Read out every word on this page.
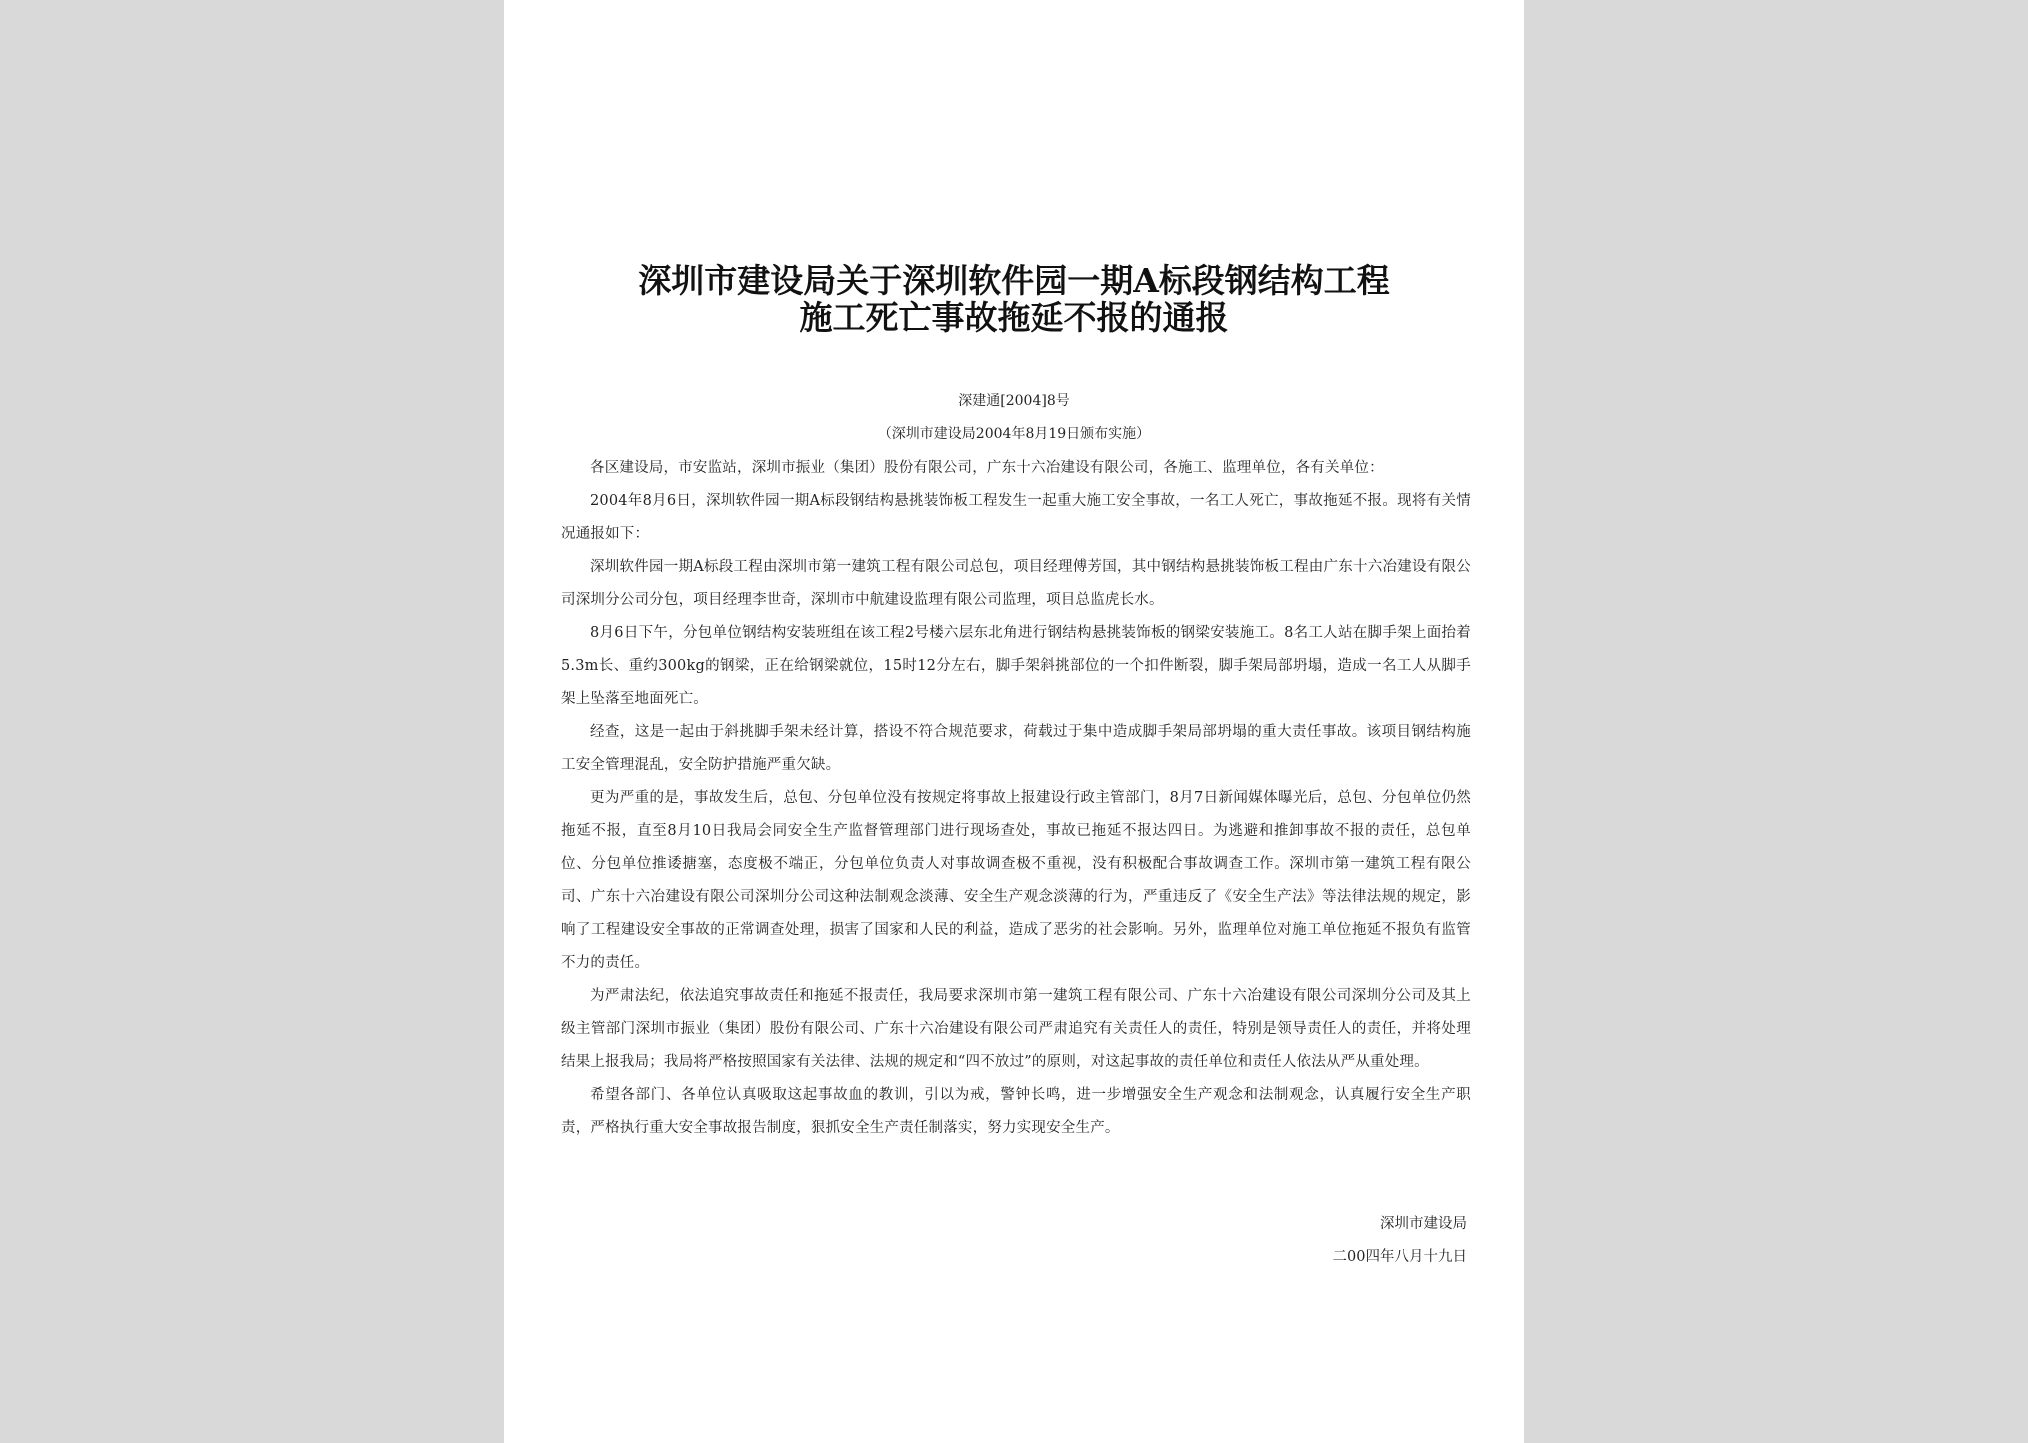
深圳市建设局关于深圳软件园一期A标段钢结构工程
施工死亡事故拖延不报的通报
深建通[2004]8号
（深圳市建设局2004年8月19日颁布实施）

各区建设局，市安监站，深圳市振业（集团）股份有限公司，广东十六冶建设有限公司，各施工、监理单位，各有关单位：

2004年8月6日，深圳软件园一期A标段钢结构悬挑装饰板工程发生一起重大施工安全事故，一名工人死亡，事故拖延不报。现将有关情况通报如下：

深圳软件园一期A标段工程由深圳市第一建筑工程有限公司总包，项目经理傅芳国，其中钢结构悬挑装饰板工程由广东十六冶建设有限公司深圳分公司分包，项目经理李世奇，深圳市中航建设监理有限公司监理，项目总监虎长水。

8月6日下午，分包单位钢结构安装班组在该工程2号楼六层东北角进行钢结构悬挑装饰板的钢梁安装施工。8名工人站在脚手架上面抬着5.3m长、重约300kg的钢梁，正在给钢梁就位，15时12分左右，脚手架斜挑部位的一个扣件断裂，脚手架局部坍塌，造成一名工人从脚手架上坠落至地面死亡。

经查，这是一起由于斜挑脚手架未经计算，搭设不符合规范要求，荷载过于集中造成脚手架局部坍塌的重大责任事故。该项目钢结构施工安全管理混乱，安全防护措施严重欠缺。

更为严重的是，事故发生后，总包、分包单位没有按规定将事故上报建设行政主管部门，8月7日新闻媒体曝光后，总包、分包单位仍然拖延不报，直至8月10日我局会同安全生产监督管理部门进行现场查处，事故已拖延不报达四日。为逃避和推卸事故不报的责任，总包单位、分包单位推诿搪塞，态度极不端正，分包单位负责人对事故调查极不重视，没有积极配合事故调查工作。深圳市第一建筑工程有限公司、广东十六冶建设有限公司深圳分公司这种法制观念淡薄、安全生产观念淡薄的行为，严重违反了《安全生产法》等法律法规的规定，影响了工程建设安全事故的正常调查处理，损害了国家和人民的利益，造成了恶劣的社会影响。另外，监理单位对施工单位拖延不报负有监管不力的责任。

为严肃法纪，依法追究事故责任和拖延不报责任，我局要求深圳市第一建筑工程有限公司、广东十六冶建设有限公司深圳分公司及其上级主管部门深圳市振业（集团）股份有限公司、广东十六冶建设有限公司严肃追究有关责任人的责任，特别是领导责任人的责任，并将处理结果上报我局；我局将严格按照国家有关法律、法规的规定和“四不放过”的原则，对这起事故的责任单位和责任人依法从严从重处理。

希望各部门、各单位认真吸取这起事故血的教训，引以为戒，警钟长鸣，进一步增强安全生产观念和法制观念，认真履行安全生产职责，严格执行重大安全事故报告制度，狠抓安全生产责任制落实，努力实现安全生产。

深圳市建设局
二00四年八月十九日
